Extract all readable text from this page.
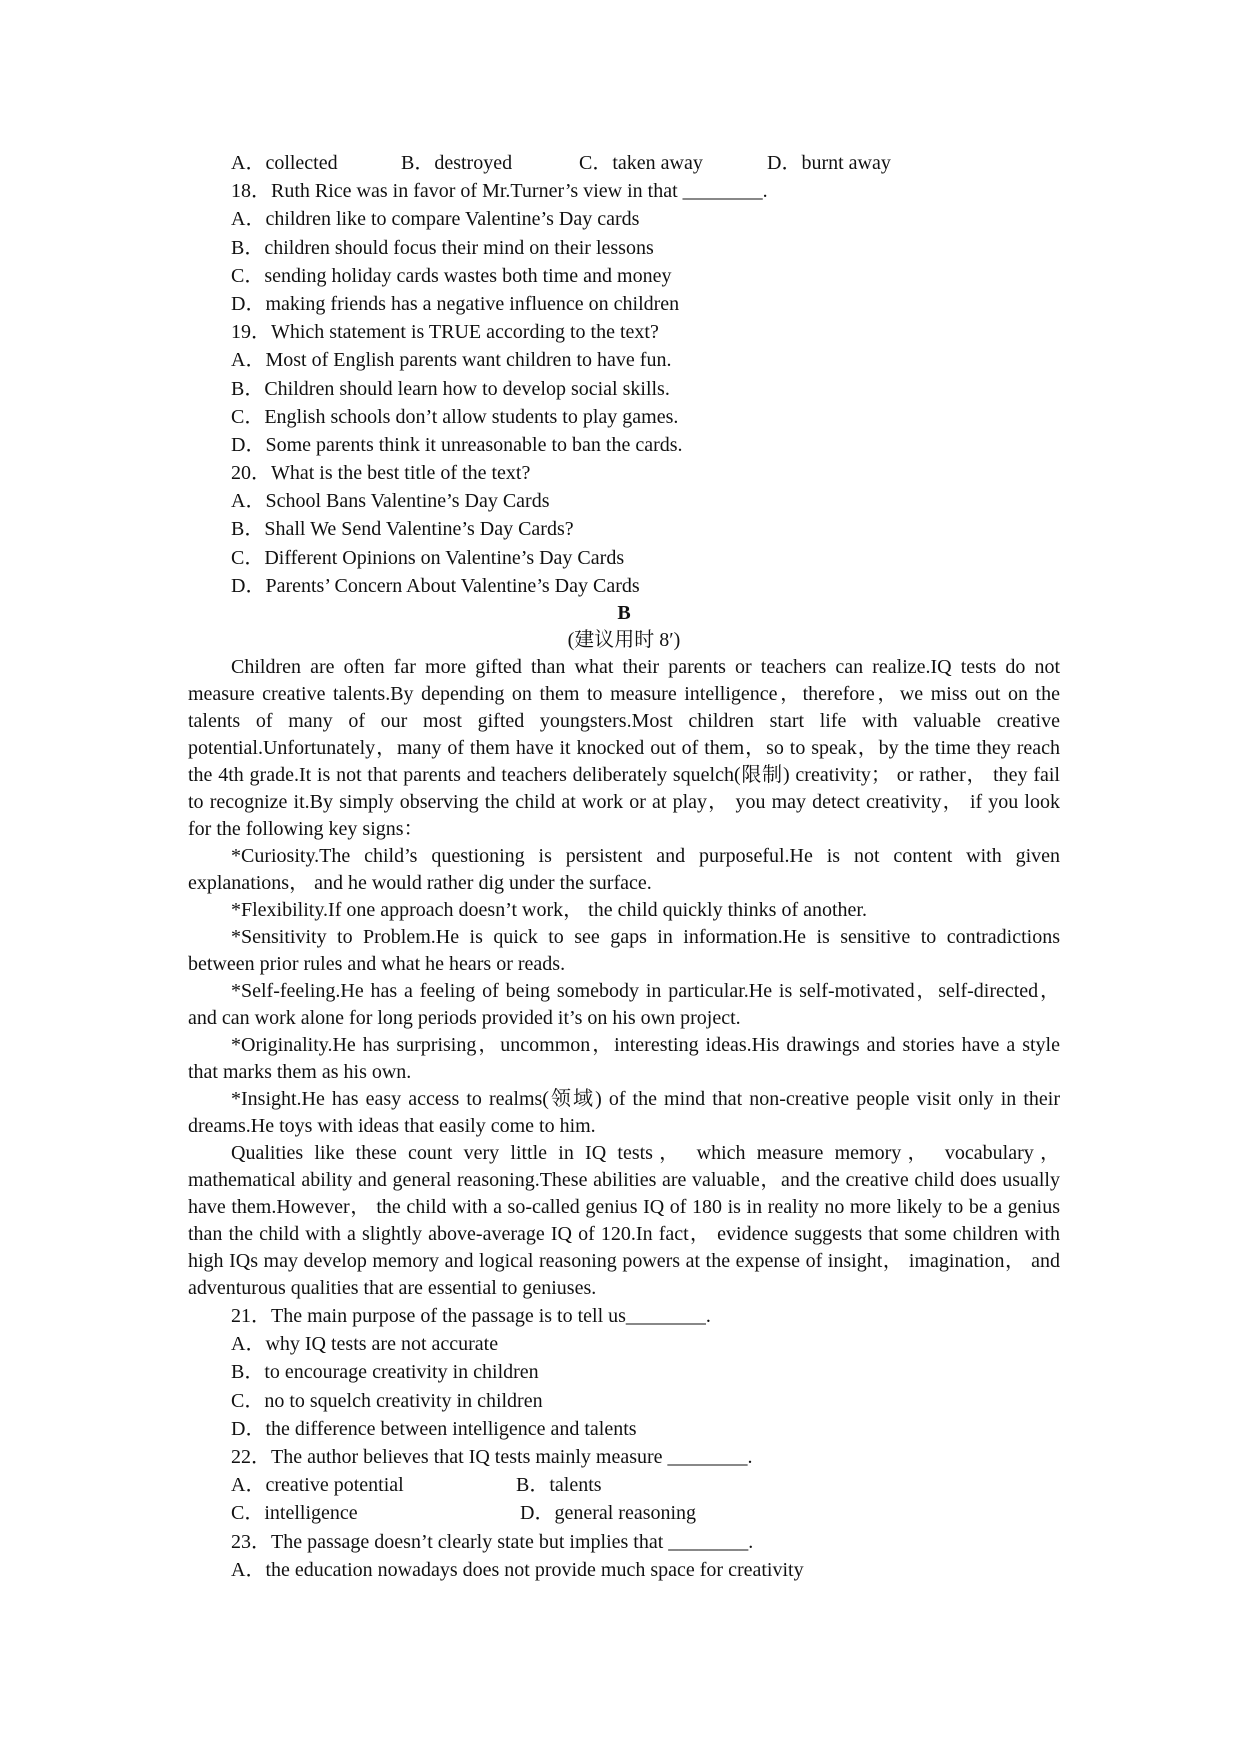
A．collected	B．destroyed	C．taken away	D．burnt away
18．Ruth Rice was in favor of Mr.Turner’s view in that ________.
A．children like to compare Valentine’s Day cards
B．children should focus their mind on their lessons
C．sending holiday cards wastes both time and money
D．making friends has a negative influence on children
19．Which statement is TRUE according to the text?
A．Most of English parents want children to have fun.
B．Children should learn how to develop social skills.
C．English schools don’t allow students to play games.
D．Some parents think it unreasonable to ban the cards.
20．What is the best title of the text?
A．School Bans Valentine’s Day Cards
B．Shall We Send Valentine’s Day Cards?
C．Different Opinions on Valentine’s Day Cards
D．Parents’ Concern About Valentine’s Day Cards
B
(建议用时 8′)

Children are often far more gifted than what their parents or teachers can realize.IQ tests do not measure creative talents.By depending on them to measure intelligence，therefore，we miss out on the talents of many of our most gifted youngsters.Most children start life with valuable creative potential.Unfortunately，many of them have it knocked out of them，so to speak，by the time they reach the 4th grade.It is not that parents and teachers deliberately squelch(限制) creativity； or rather， they fail to recognize it.By simply observing the child at work or at play， you may detect creativity， if you look for the following key signs：

*Curiosity.The child’s questioning is persistent and purposeful.He is not content with given explanations， and he would rather dig under the surface.

*Flexibility.If one approach doesn’t work， the child quickly thinks of another.

*Sensitivity to Problem.He is quick to see gaps in information.He is sensitive to contradictions between prior rules and what he hears or reads.

*Self-feeling.He has a feeling of being somebody in particular.He is self-motivated，self-directed， and can work alone for long periods provided it’s on his own project.

*Originality.He has surprising，uncommon，interesting ideas.His drawings and stories have a style that marks them as his own.

*Insight.He has easy access to realms(领域) of the mind that non-creative people visit only in their dreams.He toys with ideas that easily come to him.

Qualities like these count very little in IQ tests， which measure memory， vocabulary，mathematical ability and general reasoning.These abilities are valuable，and the creative child does usually have them.However， the child with a so-called genius IQ of 180 is in reality no more likely to be a genius than the child with a slightly above-average IQ of 120.In fact， evidence suggests that some children with high IQs may develop memory and logical reasoning powers at the expense of insight， imagination， and adventurous qualities that are essential to geniuses.

21．The main purpose of the passage is to tell us________.
A．why IQ tests are not accurate
B．to encourage creativity in children
C．no to squelch creativity in children
D．the difference between intelligence and talents
22．The author believes that IQ tests mainly measure ________.
A．creative potential	B．talents
C．intelligence	D．general reasoning
23．The passage doesn’t clearly state but implies that ________.
A．the education nowadays does not provide much space for creativity
